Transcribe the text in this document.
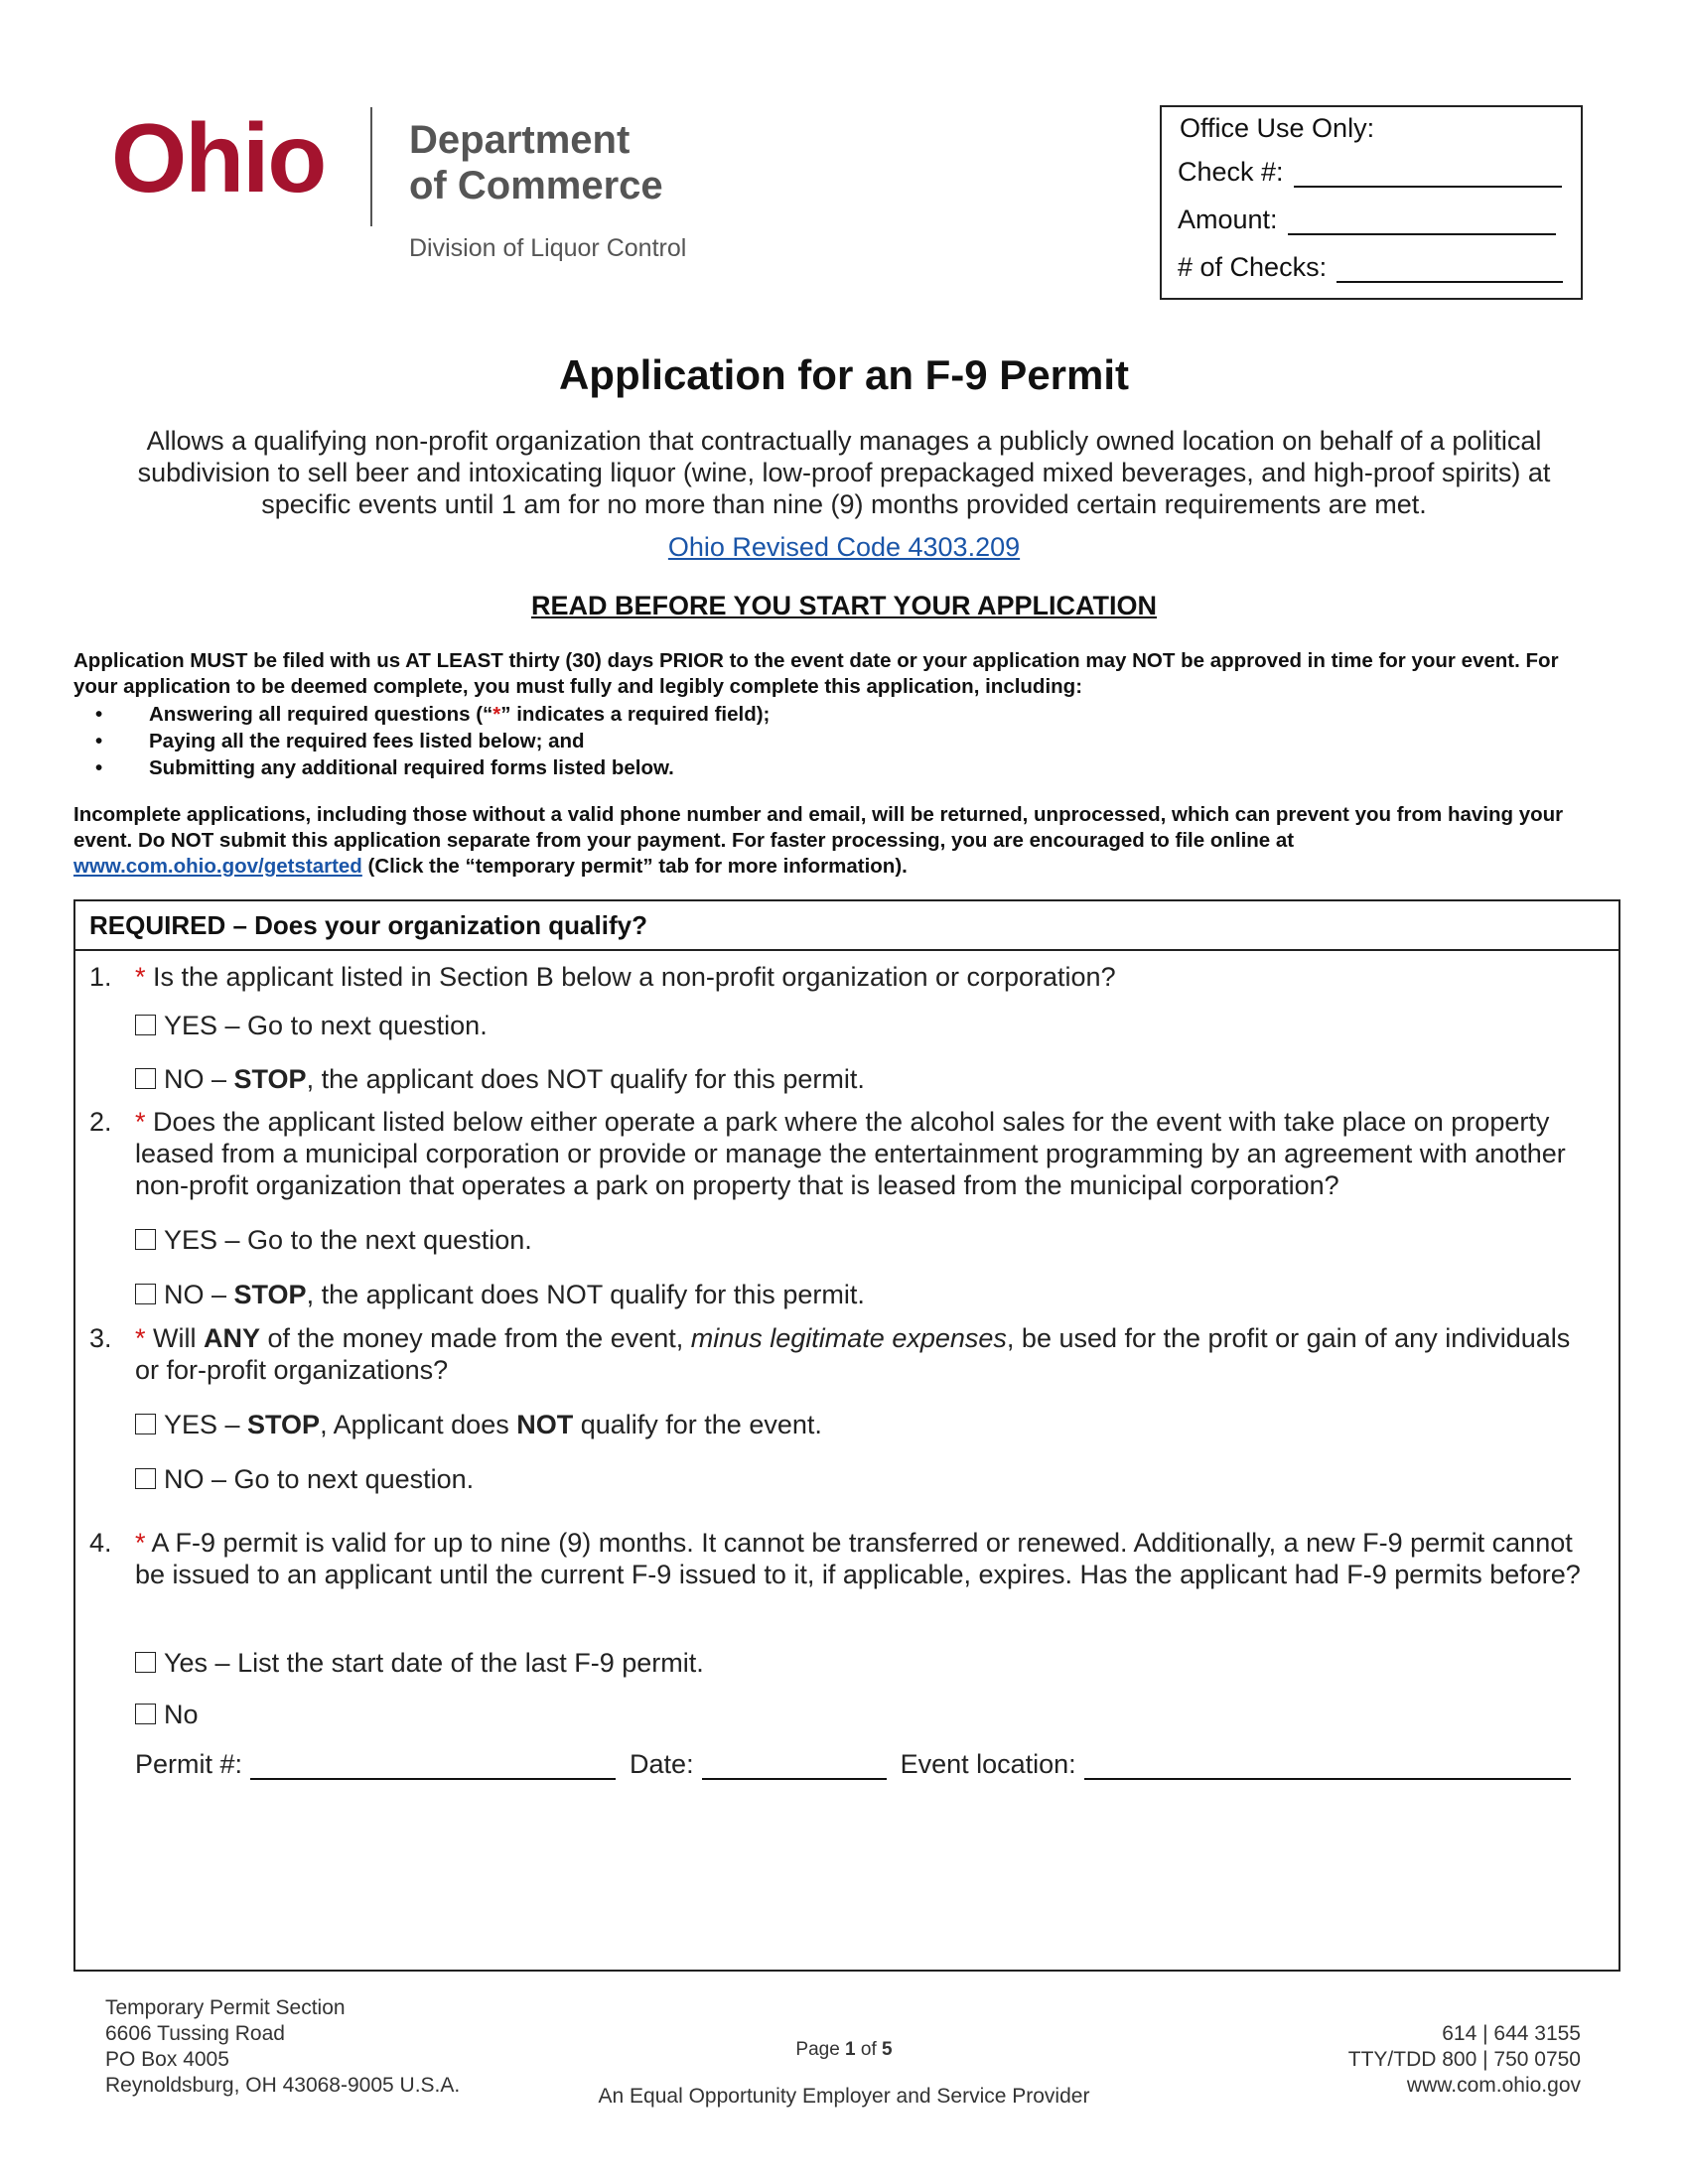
Ohio Department
of Commerce
Division of Liquor Control
Office Use Only:
Check #:
Amount:
# of Checks:
Application for an F-9 Permit
Allows a qualifying non-profit organization that contractually manages a publicly owned location on behalf of a political subdivision to sell beer and intoxicating liquor (wine, low-proof prepackaged mixed beverages, and high-proof spirits) at specific events until 1 am for no more than nine (9) months provided certain requirements are met.
Ohio Revised Code 4303.209
READ BEFORE YOU START YOUR APPLICATION
Application MUST be filed with us AT LEAST thirty (30) days PRIOR to the event date or your application may NOT be approved in time for your event. For your application to be deemed complete, you must fully and legibly complete this application, including:
•	Answering all required questions (“*” indicates a required field);
•	Paying all the required fees listed below; and
•	Submitting any additional required forms listed below.
Incomplete applications, including those without a valid phone number and email, will be returned, unprocessed, which can prevent you from having your event. Do NOT submit this application separate from your payment. For faster processing, you are encouraged to file online at
www.com.ohio.gov/getstarted (Click the “temporary permit” tab for more information).
REQUIRED – Does your organization qualify?
1. * Is the applicant listed in Section B below a non-profit organization or corporation?
YES – Go to next question.
NO – STOP, the applicant does NOT qualify for this permit.
2. * Does the applicant listed below either operate a park where the alcohol sales for the event with take place on property leased from a municipal corporation or provide or manage the entertainment programming by an agreement with another non-profit organization that operates a park on property that is leased from the municipal corporation?
YES – Go to the next question.
NO – STOP, the applicant does NOT qualify for this permit.
3. * Will ANY of the money made from the event, minus legitimate expenses, be used for the profit or gain of any individuals or for-profit organizations?
YES – STOP, Applicant does NOT qualify for the event.
NO – Go to next question.
4. * A F-9 permit is valid for up to nine (9) months. It cannot be transferred or renewed. Additionally, a new F-9 permit cannot be issued to an applicant until the current F-9 issued to it, if applicable, expires. Has the applicant had F-9 permits before?
Yes – List the start date of the last F-9 permit.
No
Permit #:	Date:	Event location:
Temporary Permit Section
6606 Tussing Road
PO Box 4005
Reynoldsburg, OH 43068-9005 U.S.A.
Page 1 of 5
An Equal Opportunity Employer and Service Provider
614 | 644 3155
TTY/TDD 800 | 750 0750
www.com.ohio.gov
